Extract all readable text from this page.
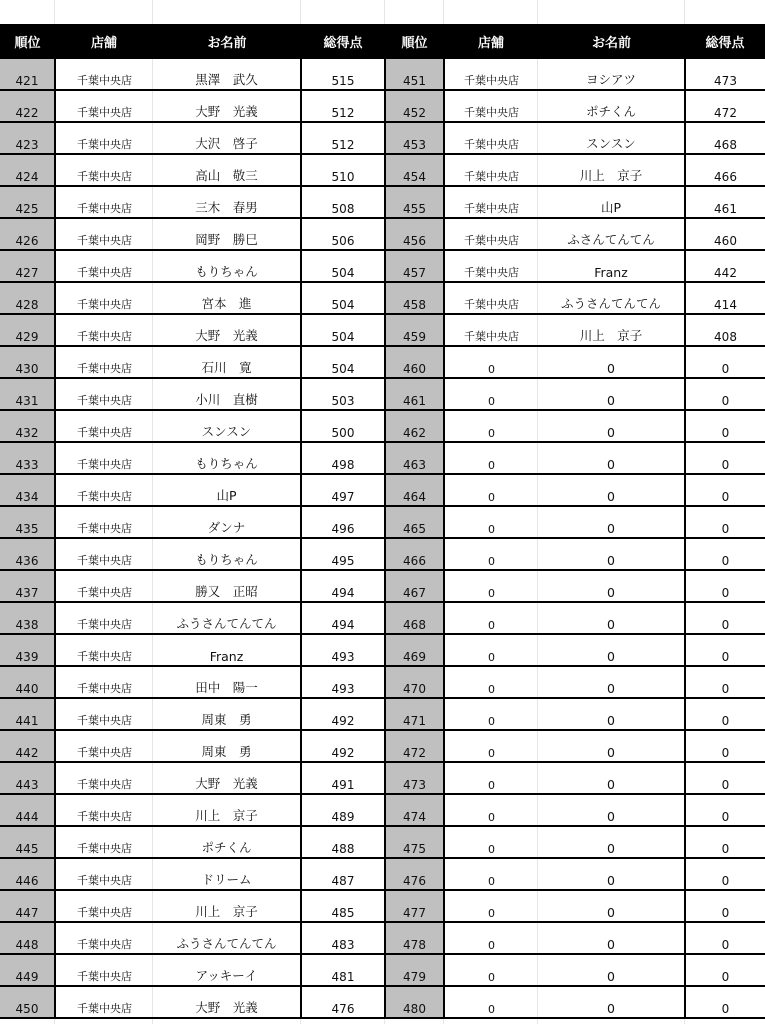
順位	店舗	お名前	総得点	順位	店舗	お名前	総得点
421	千葉中央店	黒澤　武久	515	451	千葉中央店	ヨシアツ	473
422	千葉中央店	大野　光義	512	452	千葉中央店	ポチくん	472
423	千葉中央店	大沢　啓子	512	453	千葉中央店	スンスン	468
424	千葉中央店	高山　敬三	510	454	千葉中央店	川上　京子	466
425	千葉中央店	三木　春男	508	455	千葉中央店	山P	461
426	千葉中央店	岡野　勝巳	506	456	千葉中央店	ふさんてんてん	460
427	千葉中央店	もりちゃん	504	457	千葉中央店	Franz	442
428	千葉中央店	宮本　進	504	458	千葉中央店	ふうさんてんてん	414
429	千葉中央店	大野　光義	504	459	千葉中央店	川上　京子	408
430	千葉中央店	石川　寛	504	460	0	0	0
431	千葉中央店	小川　直樹	503	461	0	0	0
432	千葉中央店	スンスン	500	462	0	0	0
433	千葉中央店	もりちゃん	498	463	0	0	0
434	千葉中央店	山P	497	464	0	0	0
435	千葉中央店	ダンナ	496	465	0	0	0
436	千葉中央店	もりちゃん	495	466	0	0	0
437	千葉中央店	勝又　正昭	494	467	0	0	0
438	千葉中央店	ふうさんてんてん	494	468	0	0	0
439	千葉中央店	Franz	493	469	0	0	0
440	千葉中央店	田中　陽一	493	470	0	0	0
441	千葉中央店	周東　勇	492	471	0	0	0
442	千葉中央店	周東　勇	492	472	0	0	0
443	千葉中央店	大野　光義	491	473	0	0	0
444	千葉中央店	川上　京子	489	474	0	0	0
445	千葉中央店	ポチくん	488	475	0	0	0
446	千葉中央店	ドリーム	487	476	0	0	0
447	千葉中央店	川上　京子	485	477	0	0	0
448	千葉中央店	ふうさんてんてん	483	478	0	0	0
449	千葉中央店	アッキーイ	481	479	0	0	0
450	千葉中央店	大野　光義	476	480	0	0	0
